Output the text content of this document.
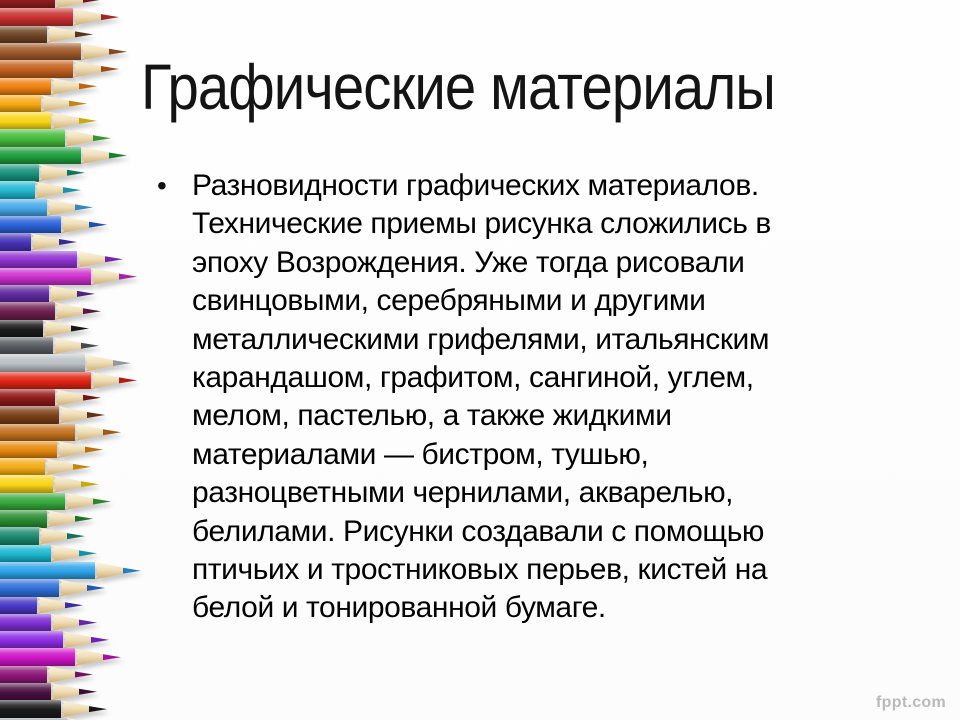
Графические материалы
• Разновидности графических материалов.
Технические приемы рисунка сложились в
эпоху Возрождения. Уже тогда рисовали
свинцовыми, серебряными и другими
металлическими грифелями, итальянским
карандашом, графитом, сангиной, углем,
мелом, пастелью, а также жидкими
материалами — бистром, тушью,
разноцветными чернилами, акварелью,
белилами. Рисунки создавали с помощью
птичьих и тростниковых перьев, кистей на
белой и тонированной бумаге.
fppt.com
